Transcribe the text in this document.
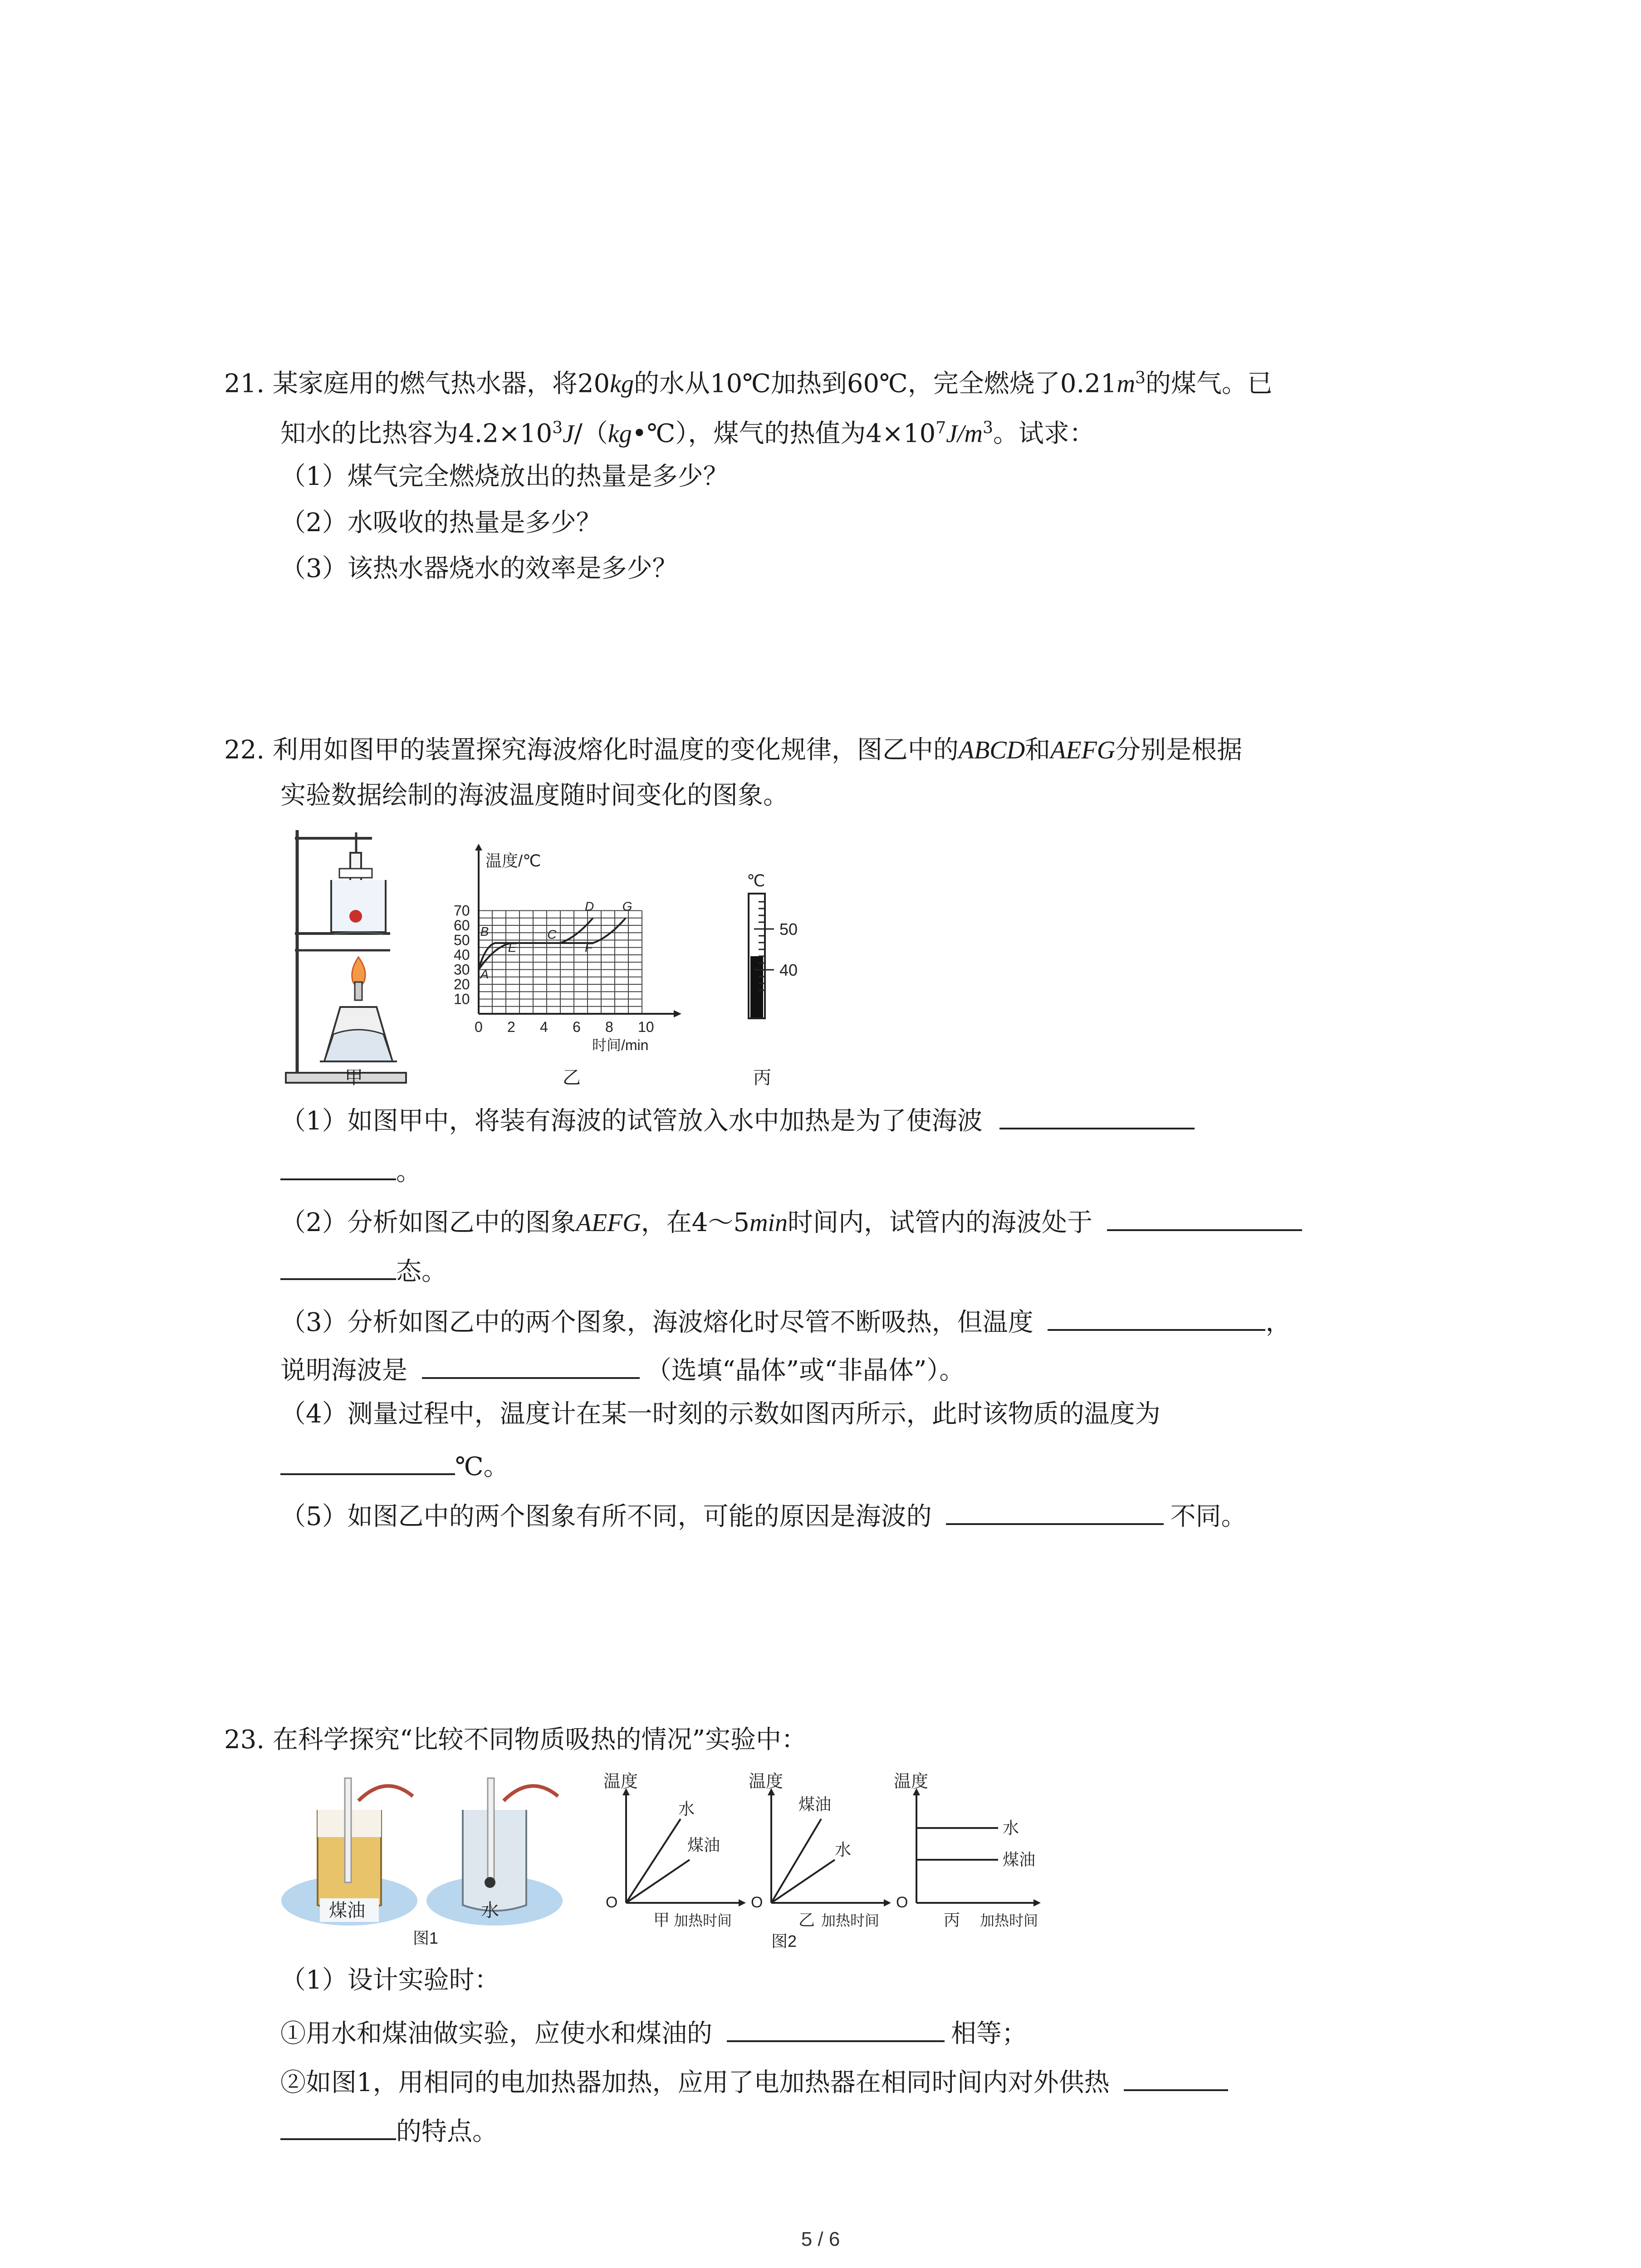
21. 某家庭用的燃气热水器，将20kg的水从10℃加热到60℃，完全燃烧了$0.21m^3$的煤气。已
知水的比热容为$4.2\times 10^3J/(kg•℃)$，煤气的热值为$4\times 10^7J/m^3$。试求：
（1）煤气完全燃烧放出的热量是多少？
（2）水吸收的热量是多少？
（3）该热水器烧水的效率是多少？
22. 利用如图甲的装置探究海波熔化时温度的变化规律，图乙中的ABCD和AEFG分别是根据
实验数据绘制的海波温度随时间变化的图象。
甲
温度/℃
时间/min
70
60
50
40
30
20
10
0 2 4 6 8 10
A
B	C
D
E	F
G
乙
℃
50
40
丙
（1）如图甲中，将装有海波的试管放入水中加热是为了使海波
。
（2）分析如图乙中的图象AEFG，在4～5min时间内，试管内的海波处于
态。
（3）分析如图乙中的两个图象，海波熔化时尽管不断吸热，但温度	，
说明海波是	（选填“晶体”或“非晶体”）。
（4）测量过程中，温度计在某一时刻的示数如图丙所示，此时该物质的温度为
℃。
（5）如图乙中的两个图象有所不同，可能的原因是海波的	不同。
23. 在科学探究“比较不同物质吸热的情况”实验中：
煤油	水
图1
温度
O
水
煤油
甲 加热时间
温度
O
煤油
水
乙 加热时间
温度
O
水
煤油
丙 加热时间
图2
（1）设计实验时：
①用水和煤油做实验，应使水和煤油的	相等；
②如图1，用相同的电加热器加热，应用了电加热器在相同时间内对外供热
的特点。
5 / 6
